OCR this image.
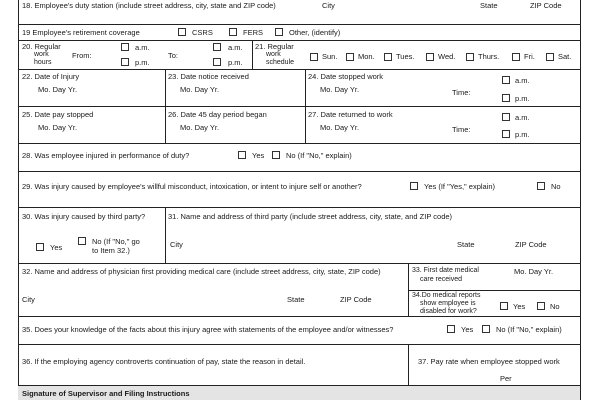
18. Employee's duty station (include street address, city, state and ZIP code)	City	State	ZIP Code
19 Employee's retirement coverage	CSRS	FERS	Other, (identify)
20. Regular
work
hours
From:
a.m.
p.m.
To:
a.m.
p.m.
21. Regular
work
schedule
Sun.	Mon.	Tues.	Wed.	Thurs.	Fri.	Sat.
22. Date of Injury
Mo. Day Yr.
23. Date notice received
Mo. Day Yr.
24. Date stopped work
Mo. Day Yr.	Time:
a.m.
p.m.
25. Date pay stopped
Mo. Day Yr.
26. Date 45 day period began
Mo. Day Yr.
27. Date returned to work
Mo. Day Yr.	Time:
a.m.
p.m.
28. Was employee injured in performance of duty?	Yes	No (If "No," explain)
29. Was injury caused by employee's willful misconduct, intoxication, or intent to injure self or another?	Yes (If "Yes," explain)	No
30. Was injury caused by third party?
Yes
No (If "No," go
to Item 32.)
31. Name and address of third party (include street address, city, state, and ZIP code)
City	State	ZIP Code
32. Name and address of physician first providing medical care (include street address, city, state, ZIP code)
City	State	ZIP Code
33. First date medical
care received
Mo. Day Yr.
34.Do medical reports
show employee is
disabled for work?
Yes	No
35. Does your knowledge of the facts about this injury agree with statements of the employee and/or witnesses?	Yes	No (If "No," explain)
36. If the employing agency controverts continuation of pay, state the reason in detail.	37. Pay rate when employee stopped work
Per
Signature of Supervisor and Filing Instructions
